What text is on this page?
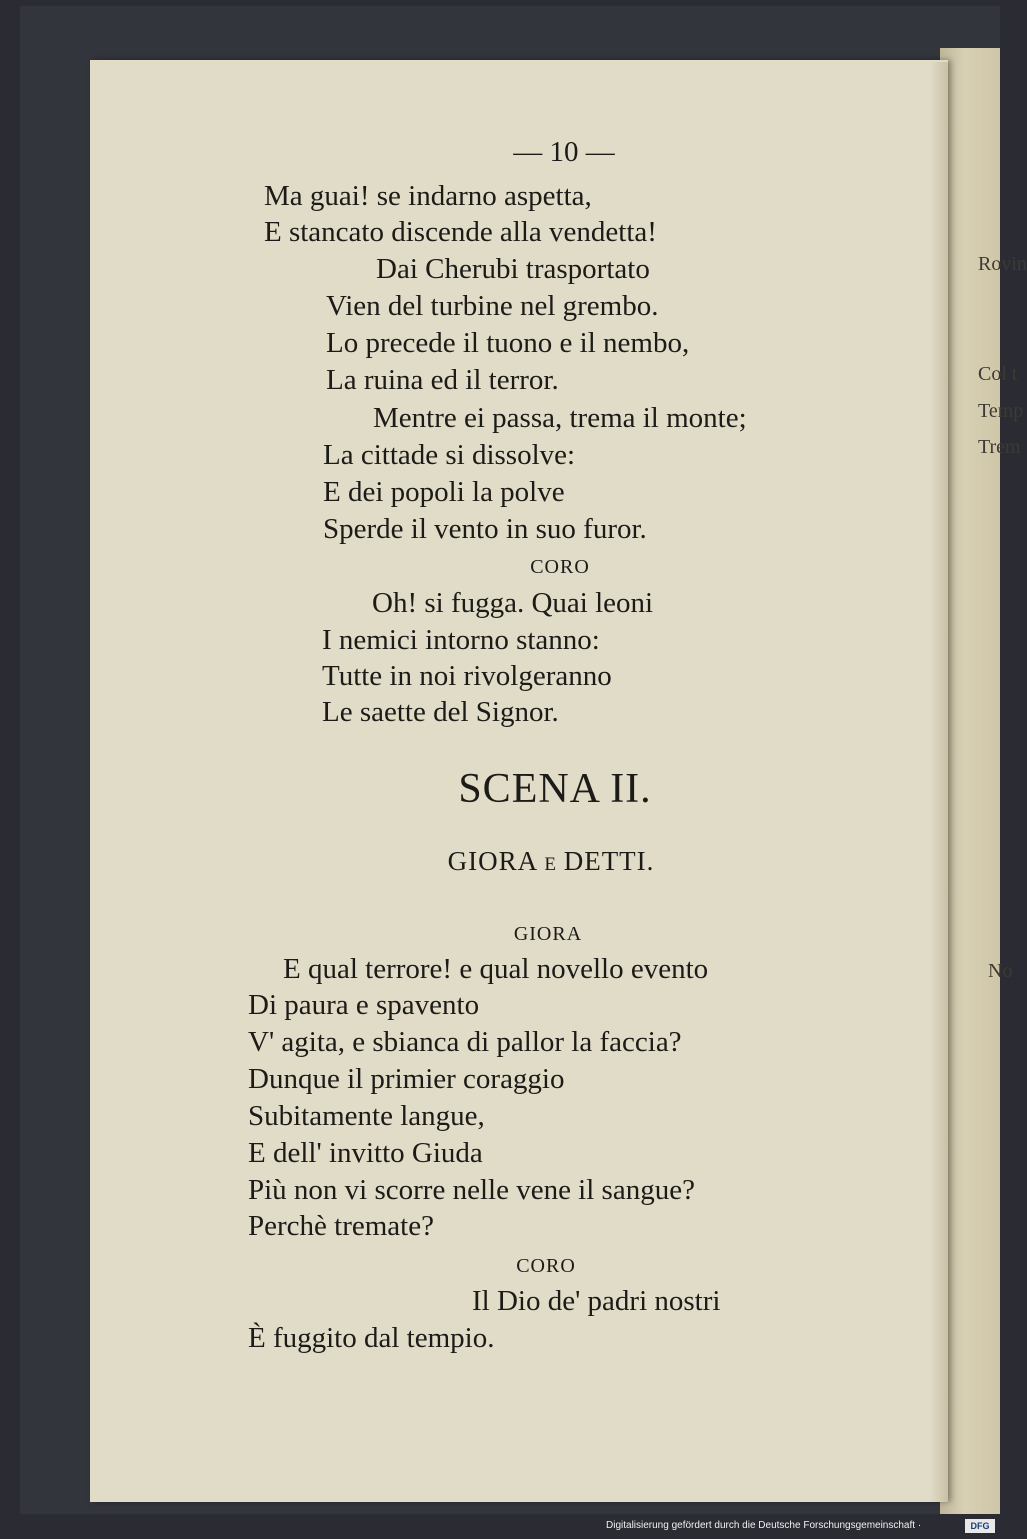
Rovin
Col t
Temp
Trem
No
— 10 —
Ma guai! se indarno aspetta,
E stancato discende alla vendetta!
Dai Cherubi trasportato
Vien del turbine nel grembo.
Lo precede il tuono e il nembo,
La ruina ed il terror.
Mentre ei passa, trema il monte;
La cittade si dissolve:
E dei popoli la polve
Sperde il vento in suo furor.
CORO
Oh! si fugga. Quai leoni
I nemici intorno stanno:
Tutte in noi rivolgeranno
Le saette del Signor.
SCENA II.
GIORA E DETTI.
GIORA
E qual terrore! e qual novello evento
Di paura e spavento
V' agita, e sbianca di pallor la faccia?
Dunque il primier coraggio
Subitamente langue,
E dell' invitto Giuda
Più non vi scorre nelle vene il sangue?
Perchè tremate?
CORO
Il Dio de' padri nostri
È fuggito dal tempio.
Digitalisierung gefördert durch die Deutsche Forschungsgemeinschaft ·	DFG
